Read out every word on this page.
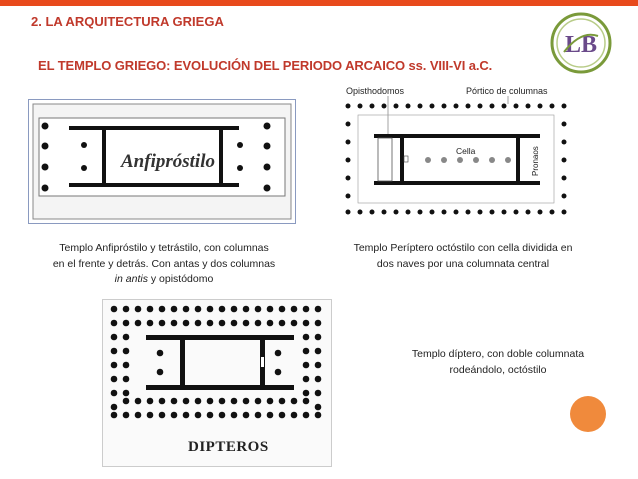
2. LA ARQUITECTURA GRIEGA
LB
EL TEMPLO GRIEGO: EVOLUCIÓN DEL PERIODO ARCAICO ss. VIII-VI a.C.
Anfipróstilo
Opisthodomos	Pórtico de columnas
Cella	Pronaos
DIPTEROS
Templo Anfipróstilo y tetrástilo, con columnas
en el frente y detrás. Con antas y dos columnas
in antis y opistódomo
Templo Períptero octóstilo con cella dividida en
dos naves por una columnata central
Templo díptero, con doble columnata
rodeándolo, octóstilo
